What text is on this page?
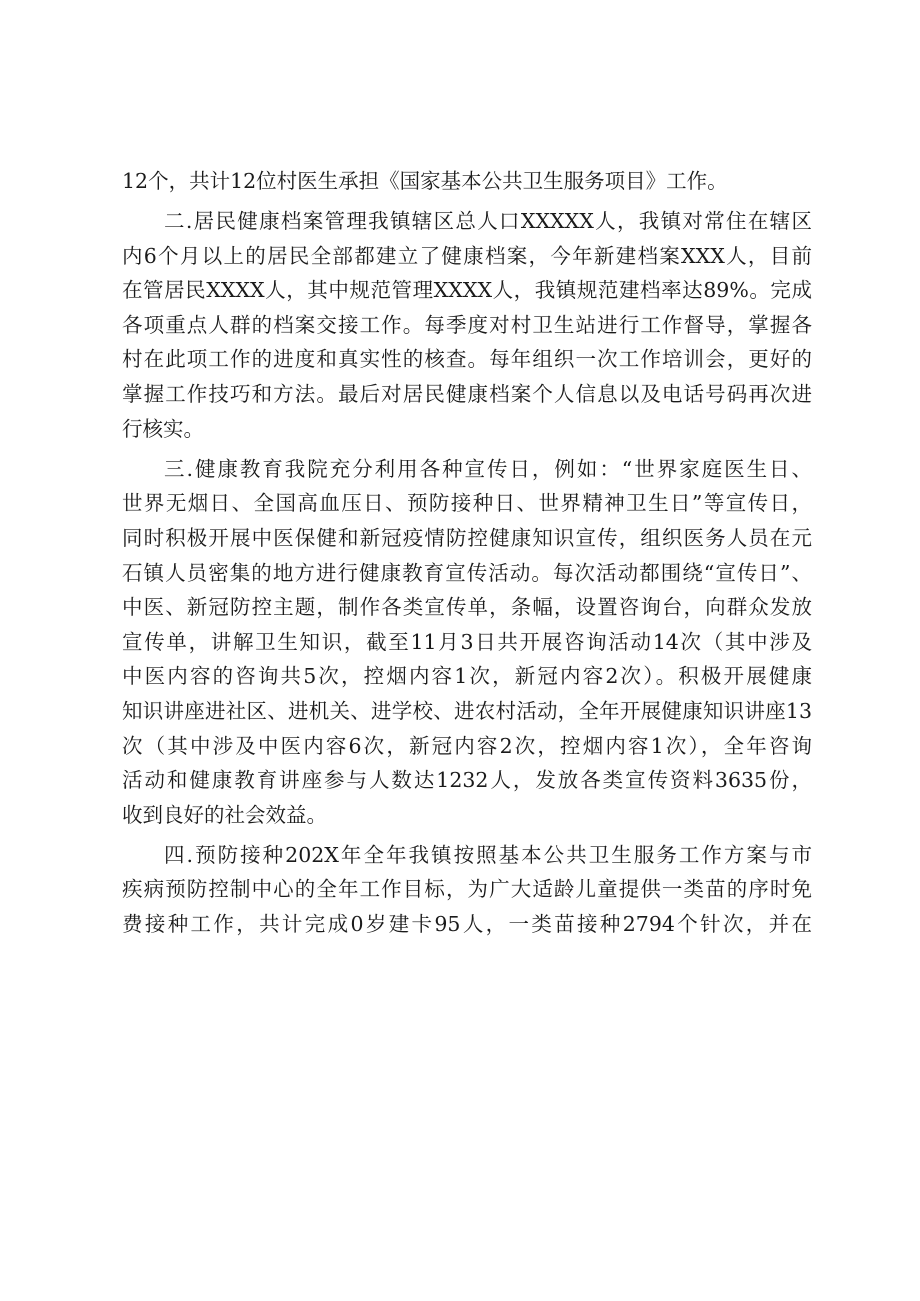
12个，共计12位村医生承担《国家基本公共卫生服务项目》工作。
二.居民健康档案管理我镇辖区总人口XXXXX人，我镇对常住在辖区
内6个月以上的居民全部都建立了健康档案，今年新建档案XXX人，目前
在管居民XXXX人，其中规范管理XXXX人，我镇规范建档率达89%。完成
各项重点人群的档案交接工作。每季度对村卫生站进行工作督导，掌握各
村在此项工作的进度和真实性的核查。每年组织一次工作培训会，更好的
掌握工作技巧和方法。最后对居民健康档案个人信息以及电话号码再次进
行核实。
三.健康教育我院充分利用各种宣传日，例如：“世界家庭医生日、
世界无烟日、全国高血压日、预防接种日、世界精神卫生日”等宣传日，
同时积极开展中医保健和新冠疫情防控健康知识宣传，组织医务人员在元
石镇人员密集的地方进行健康教育宣传活动。每次活动都围绕“宣传日”、
中医、新冠防控主题，制作各类宣传单，条幅，设置咨询台，向群众发放
宣传单，讲解卫生知识，截至11月3日共开展咨询活动14次（其中涉及
中医内容的咨询共5次，控烟内容1次，新冠内容2次）。积极开展健康
知识讲座进社区、进机关、进学校、进农村活动，全年开展健康知识讲座13
次（其中涉及中医内容6次，新冠内容2次，控烟内容1次），全年咨询
活动和健康教育讲座参与人数达1232人，发放各类宣传资料3635份，
收到良好的社会效益。
四.预防接种202X年全年我镇按照基本公共卫生服务工作方案与市
疾病预防控制中心的全年工作目标，为广大适龄儿童提供一类苗的序时免
费接种工作，共计完成0岁建卡95人，一类苗接种2794个针次，并在
